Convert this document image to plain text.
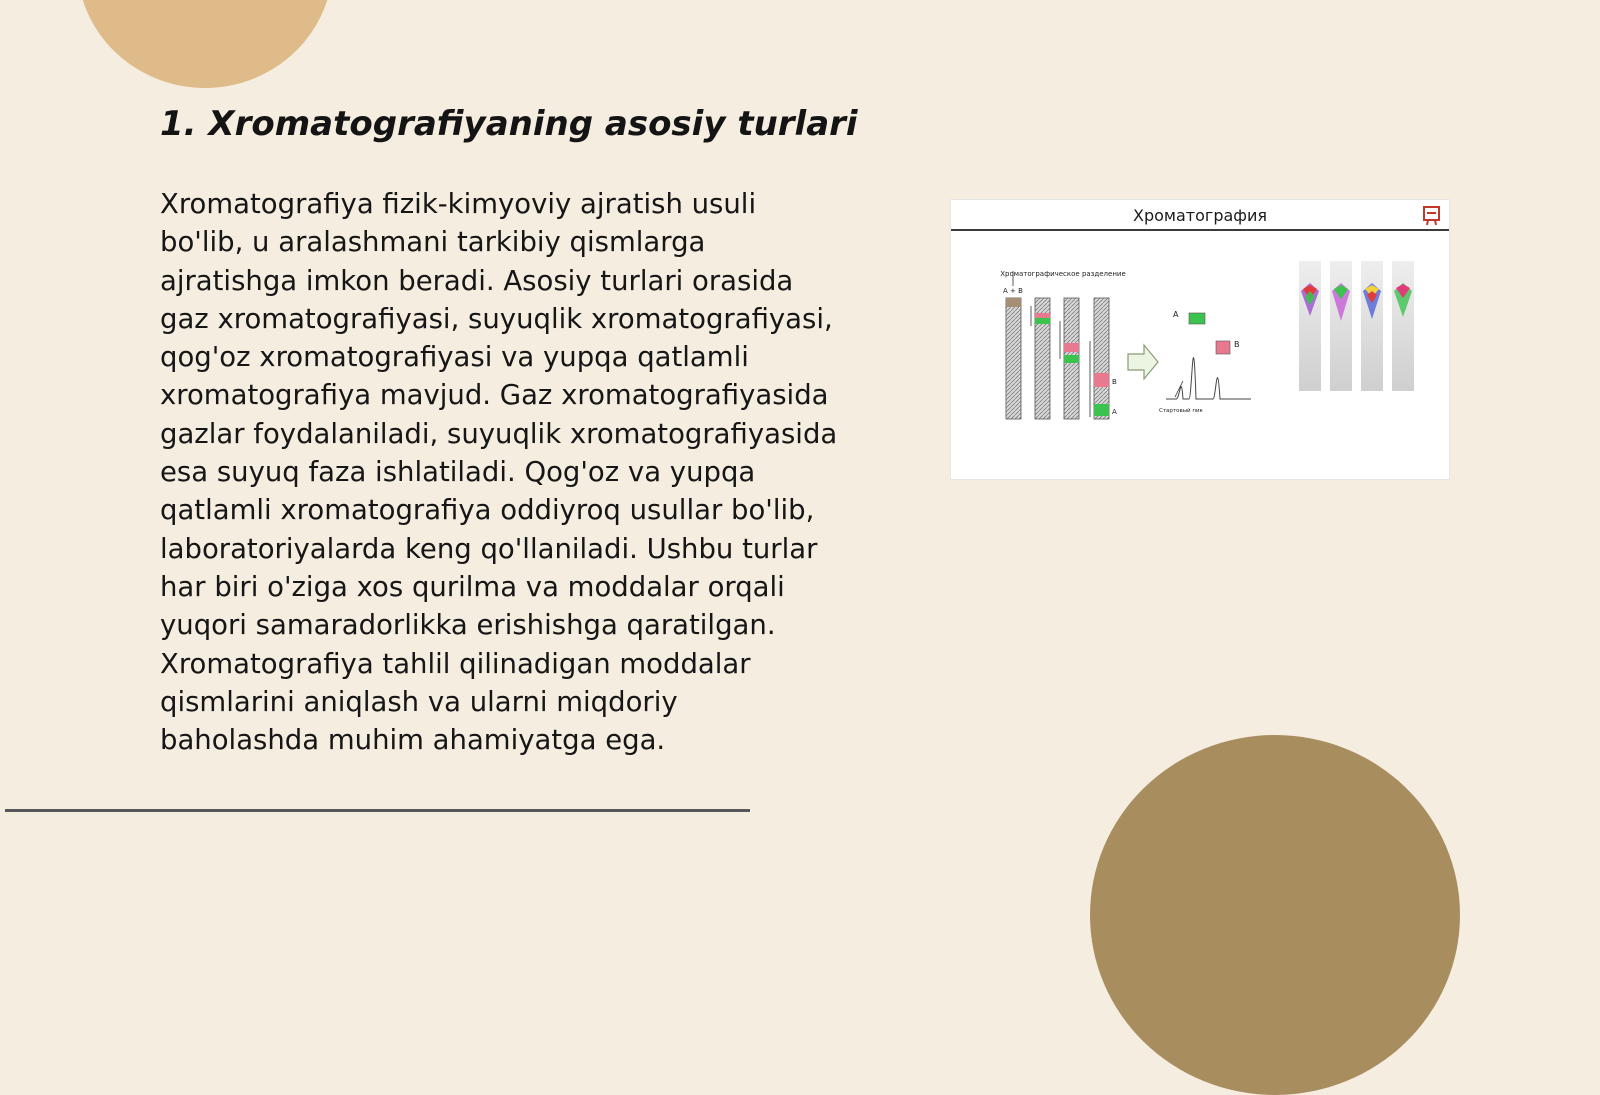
1. Xromatografiyaning asosiy turlari

Xromatografiya fizik-kimyoviy ajratish usuli bo'lib, u aralashmani tarkibiy qismlarga ajratishga imkon beradi. Asosiy turlari orasida gaz xromatografiyasi, suyuqlik xromatografiyasi, qog'oz xromatografiyasi va yupqa qatlamli xromatografiya mavjud. Gaz xromatografiyasida gazlar foydalaniladi, suyuqlik xromatografiyasida esa suyuq faza ishlatiladi. Qog'oz va yupqa qatlamli xromatografiya oddiyroq usullar bo'lib, laboratoriyalarda keng qo'llaniladi. Ushbu turlar har biri o'ziga xos qurilma va moddalar orqali yuqori samaradorlikka erishishga qaratilgan. Xromatografiya tahlil qilinadigan moddalar qismlarini aniqlash va ularni miqdoriy baholashda muhim ahamiyatga ega.

Хроматография
Хроматографическое разделение
A + B
B
A
A
B
Стартовый пик
